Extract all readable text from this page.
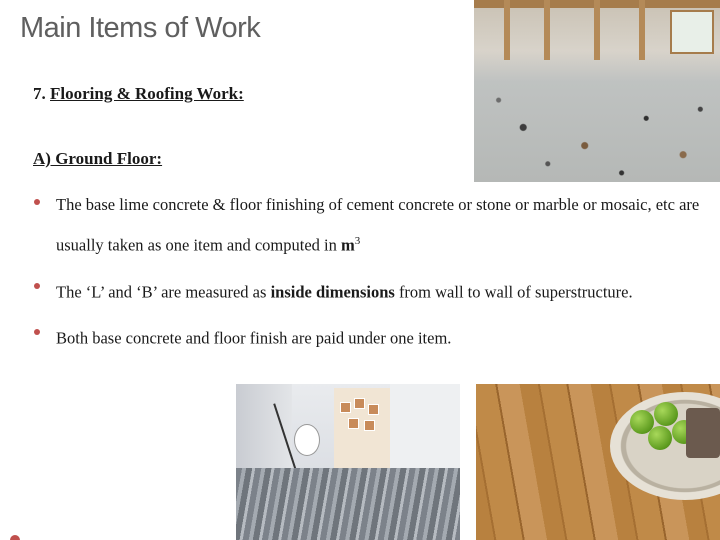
Main Items of Work
7. Flooring & Roofing Work:
A) Ground Floor:
The base lime concrete & floor finishing of cement concrete or stone or marble or mosaic, etc are usually taken as one item and computed in $m^3$
The ‘L’ and ‘B’ are measured as inside dimensions from wall to wall of superstructure.
Both base concrete and floor finish are paid under one item.
